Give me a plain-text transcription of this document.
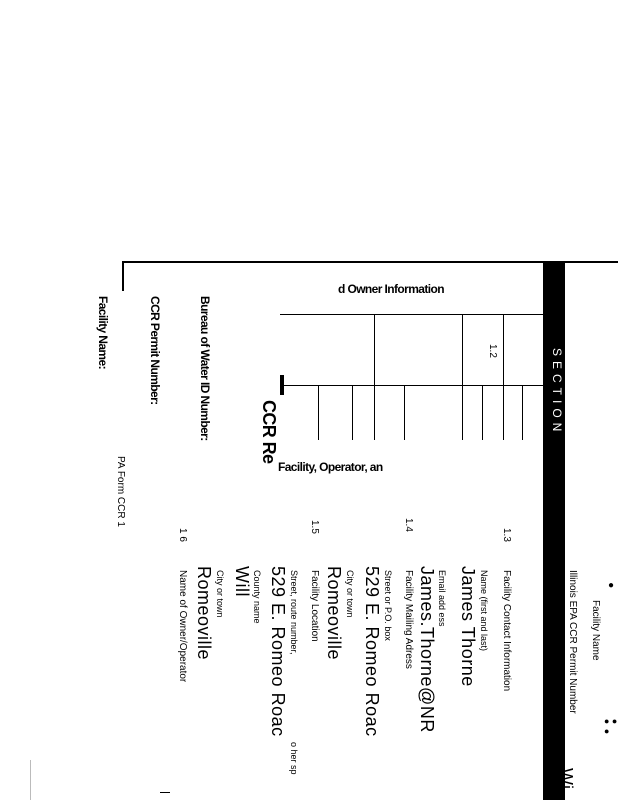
SECTION
d Owner Information
Facility, Operator, an
1.2
CCR Re
Bureau of Water ID Number:
CCR Permit Number:
Facility Name:
PA Form CCR 1
●
Facility Name
Illinois EPA CCR Permit Number
Wi
● ● ●
1.3
Facility Contact Information
Name (first and last)
James Thorne
Email add ess
James.Thorne@NR
1.4
Facility Mailing Adress
Street or P.O. box
529 E. Romeo Roac
City or town
Romeoville
1.5
Facility Location
Street, route number,
o her sp
529 E. Romeo Roac
County name
Will
City or town
Romeoville
1 6
Name of Owner/Operator
